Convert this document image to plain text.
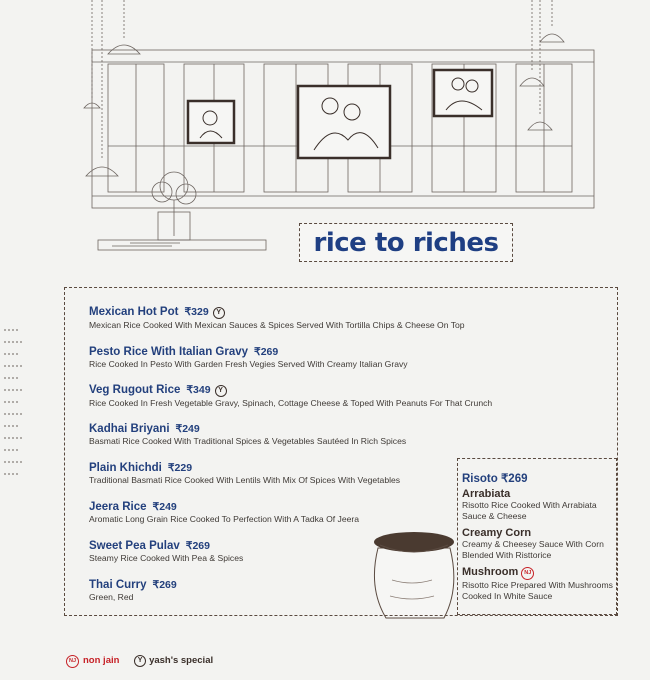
rice to riches
Mexican Hot Pot ₹329 Y
Mexican Rice Cooked With Mexican Sauces & Spices Served With Tortilla Chips & Cheese On Top
Pesto Rice With Italian Gravy ₹269
Rice Cooked In Pesto With Garden Fresh Vegies Served With Creamy Italian Gravy
Veg Rugout Rice ₹349 Y
Rice Cooked In Fresh Vegetable Gravy, Spinach, Cottage Cheese & Toped With Peanuts For That Crunch
Kadhai Briyani ₹249
Basmati Rice Cooked With Traditional Spices & Vegetables Sautéed In Rich Spices
Plain Khichdi ₹229
Traditional Basmati Rice Cooked With Lentils With Mix Of Spices With Vegetables
Jeera Rice ₹249
Aromatic Long Grain Rice Cooked To Perfection With A Tadka Of Jeera
Sweet Pea Pulav ₹269
Steamy Rice Cooked With Pea & Spices
Thai Curry ₹269
Green, Red
Risoto ₹269
Arrabiata
Risotto Rice Cooked With Arrabiata Sauce & Cheese
Creamy Corn
Creamy & Cheesey Sauce With Corn Blended With Risttorice
Mushroom NJ
Risotto Rice Prepared With Mushrooms Cooked In White Sauce
NJ non jain	Y yash's special
